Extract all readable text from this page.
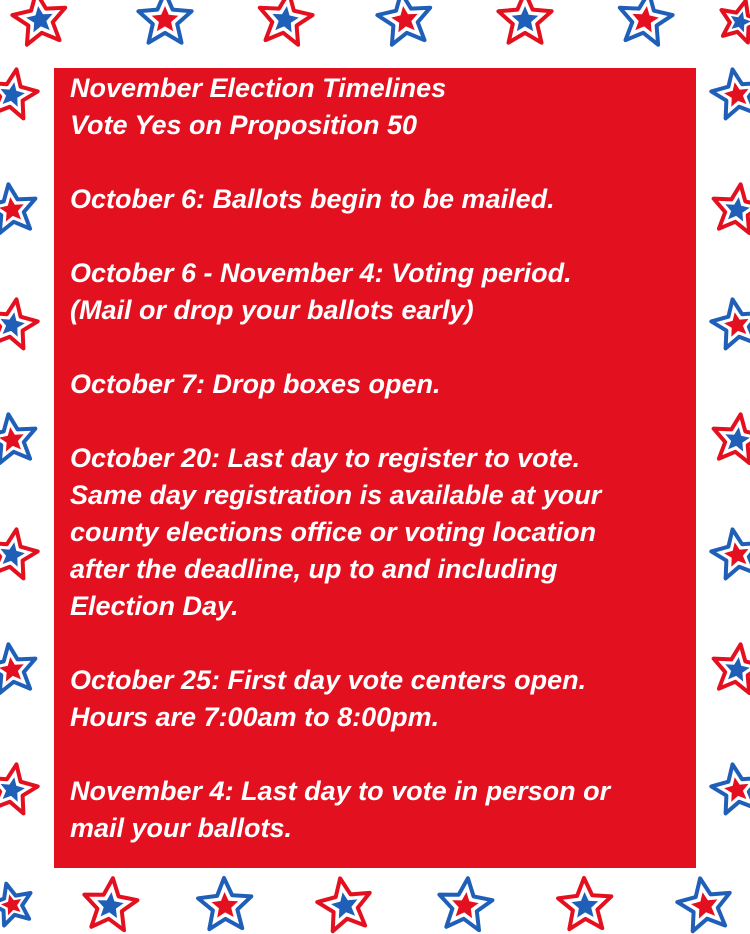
November Election Timelines

Vote Yes on Proposition 50

October 6: Ballots begin to be mailed.

October 6 - November 4: Voting period.

(Mail or drop your ballots early)

October 7: Drop boxes open.

October 20: Last day to register to vote.

Same day registration is available at your

county elections office or voting location

after the deadline, up to and including

Election Day.

October 25: First day vote centers open.

Hours are 7:00am to 8:00pm.

November 4: Last day to vote in person or

mail your ballots.
